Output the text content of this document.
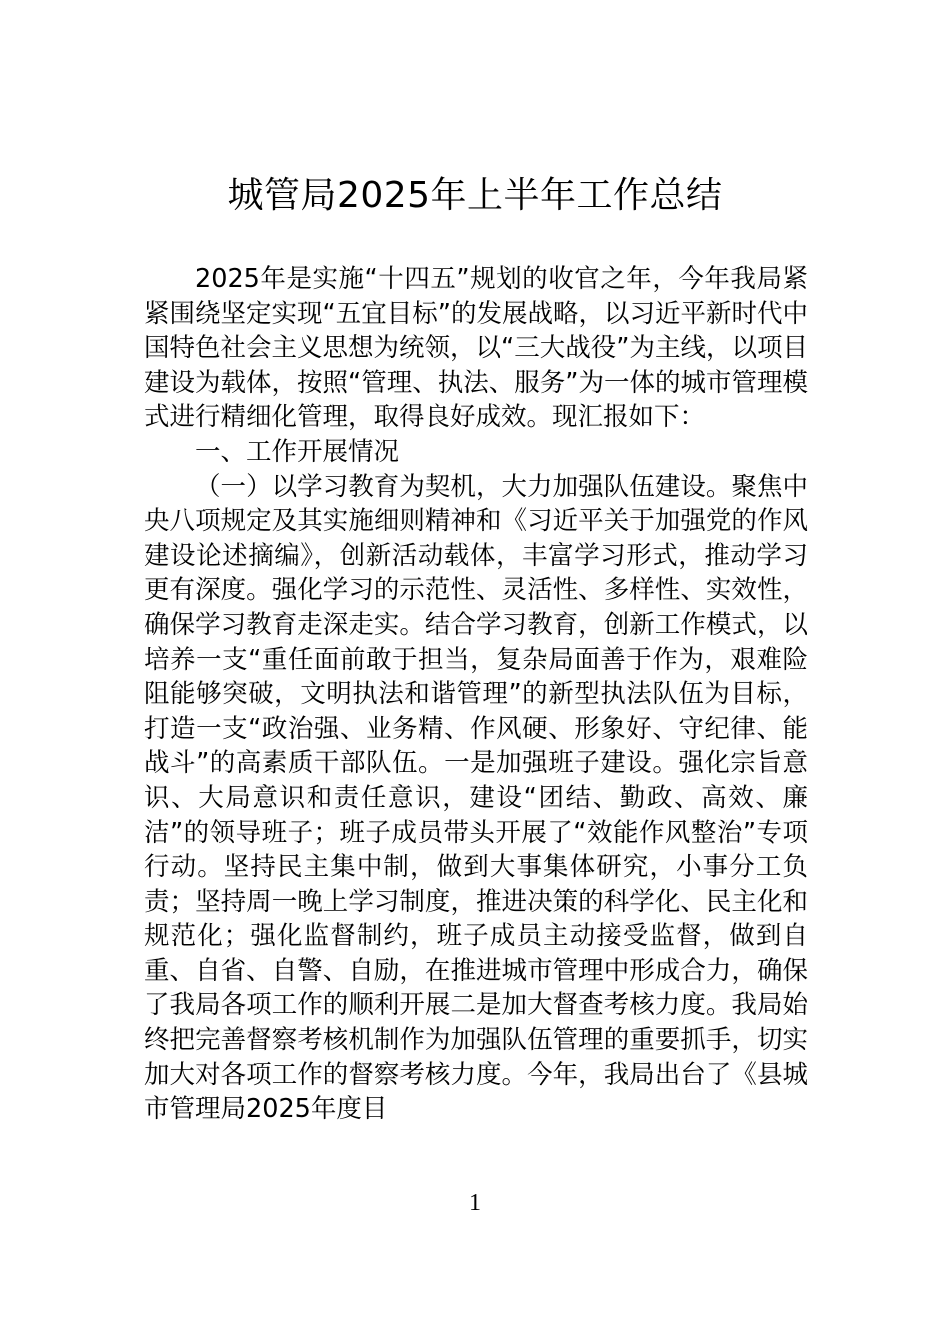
城管局2025年上半年工作总结

2025年是实施“十四五”规划的收官之年，今年我局紧紧围绕坚定实现“五宜目标”的发展战略，以习近平新时代中国特色社会主义思想为统领，以“三大战役”为主线，以项目建设为载体，按照“管理、执法、服务”为一体的城市管理模式进行精细化管理，取得良好成效。现汇报如下：

一、工作开展情况

（一）以学习教育为契机，大力加强队伍建设。聚焦中央八项规定及其实施细则精神和《习近平关于加强党的作风建设论述摘编》，创新活动载体，丰富学习形式，推动学习更有深度。强化学习的示范性、灵活性、多样性、实效性，确保学习教育走深走实。结合学习教育，创新工作模式，以培养一支“重任面前敢于担当，复杂局面善于作为，艰难险阻能够突破，文明执法和谐管理”的新型执法队伍为目标，打造一支“政治强、业务精、作风硬、形象好、守纪律、能战斗”的高素质干部队伍。一是加强班子建设。强化宗旨意识、大局意识和责任意识，建设“团结、勤政、高效、廉洁”的领导班子；班子成员带头开展了“效能作风整治”专项行动。坚持民主集中制，做到大事集体研究，小事分工负责；坚持周一晚上学习制度，推进决策的科学化、民主化和规范化；强化监督制约，班子成员主动接受监督，做到自重、自省、自警、自励，在推进城市管理中形成合力，确保了我局各项工作的顺利开展二是加大督查考核力度。我局始终把完善督察考核机制作为加强队伍管理的重要抓手，切实加大对各项工作的督察考核力度。今年，我局出台了《县城市管理局2025年度目

1
